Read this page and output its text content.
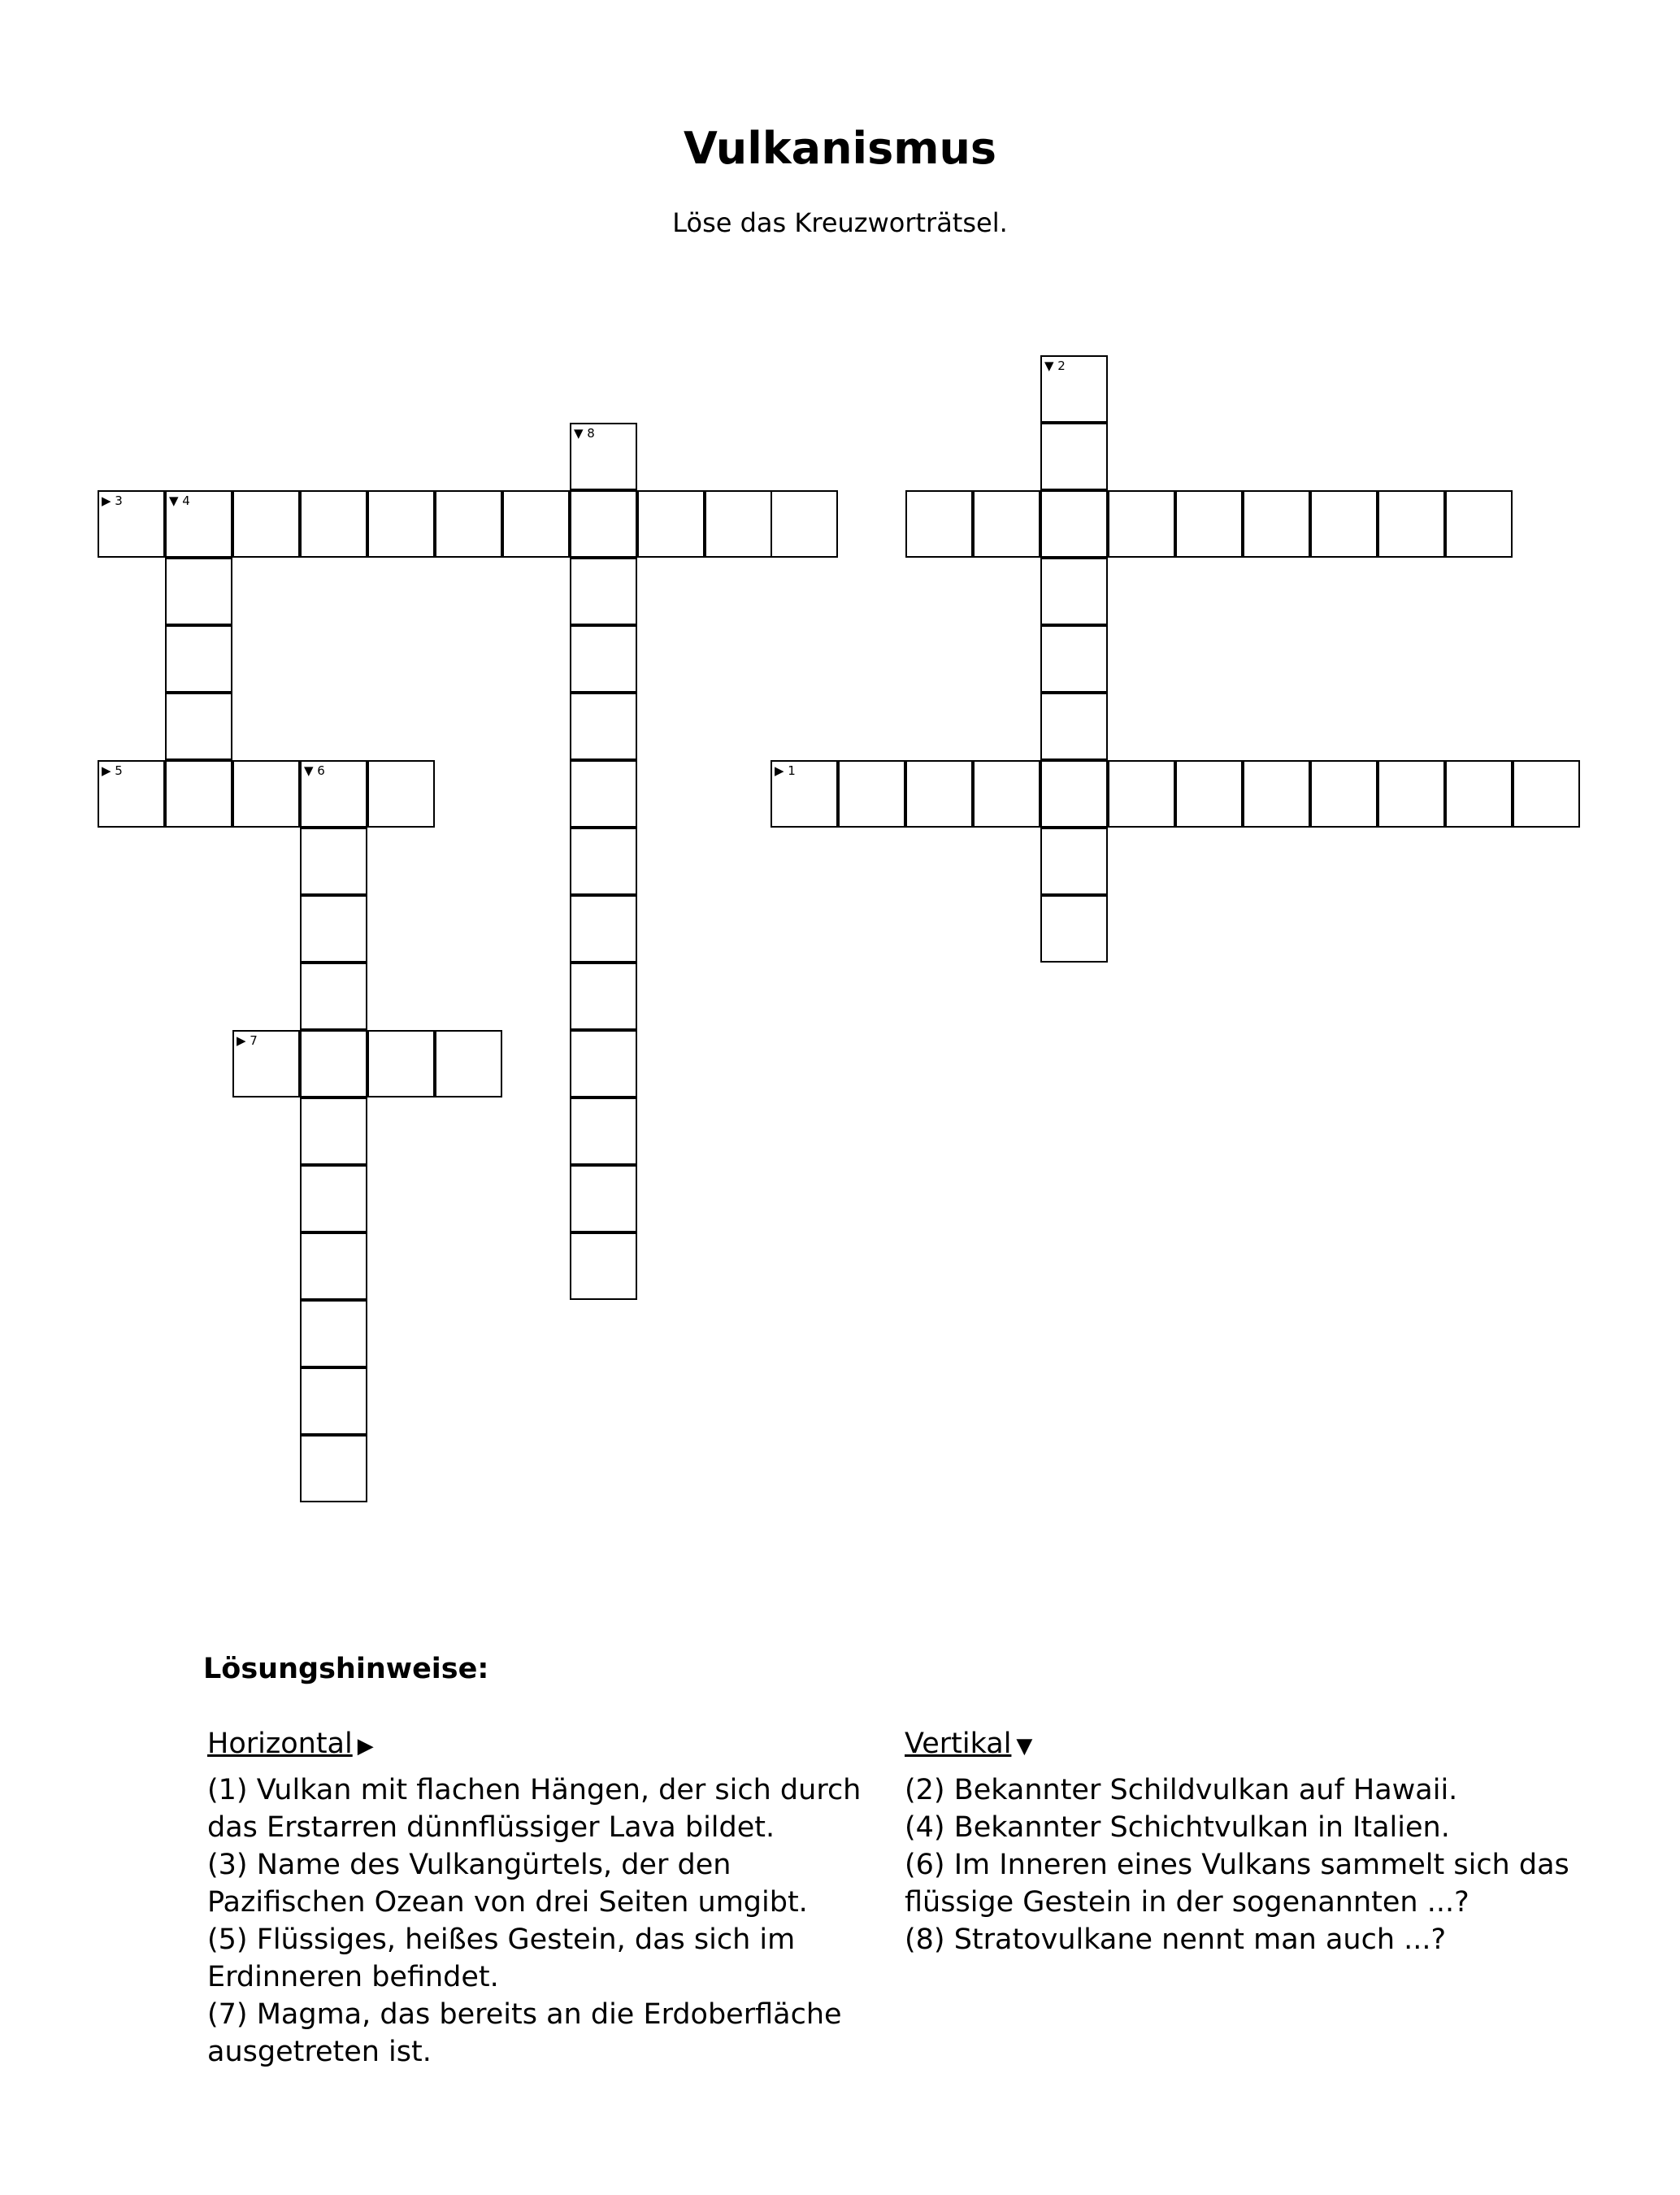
Vulkanismus
Löse das Kreuzworträtsel.
▶ 1
▼ 2
▶ 3	▼ 4
▶ 5	▼ 6
▶ 7
▼ 8
Lösungshinweise:
Horizontal ▶

(1) Vulkan mit flachen Hängen, der sich durch das Erstarren dünnflüssiger Lava bildet.

(3) Name des Vulkangürtels, der den Pazifischen Ozean von drei Seiten umgibt.

(5) Flüssiges, heißes Gestein, das sich im Erdinneren befindet.

(7) Magma, das bereits an die Erdoberfläche ausgetreten ist.

Vertikal ▼

(2) Bekannter Schildvulkan auf Hawaii.

(4) Bekannter Schichtvulkan in Italien.

(6) Im Inneren eines Vulkans sammelt sich das flüssige Gestein in der sogenannten ...?

(8) Stratovulkane nennt man auch ...?
